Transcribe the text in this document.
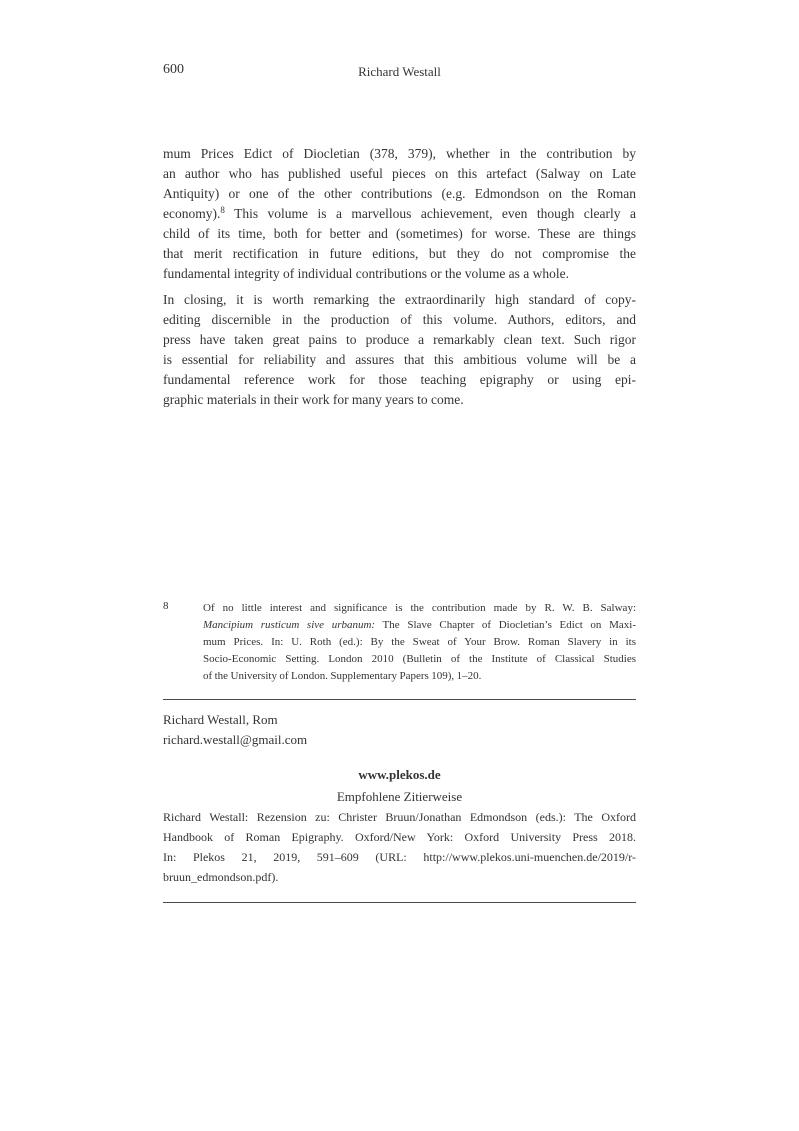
600	Richard Westall
mum Prices Edict of Diocletian (378, 379), whether in the contribution by
an author who has published useful pieces on this artefact (Salway on Late
Antiquity) or one of the other contributions (e.g. Edmondson on the Roman
economy).$^8$ This volume is a marvellous achievement, even though clearly a
child of its time, both for better and (sometimes) for worse. These are things
that merit rectification in future editions, but they do not compromise the
fundamental integrity of individual contributions or the volume as a whole.
In closing, it is worth remarking the extraordinarily high standard of copy-
editing discernible in the production of this volume. Authors, editors, and
press have taken great pains to produce a remarkably clean text. Such rigor
is essential for reliability and assures that this ambitious volume will be a
fundamental reference work for those teaching epigraphy or using epi-
graphic materials in their work for many years to come.
8	Of no little interest and significance is the contribution made by R. W. B. Salway:
Mancipium rusticum sive urbanum: The Slave Chapter of Diocletian’s Edict on Maxi-
mum Prices. In: U. Roth (ed.): By the Sweat of Your Brow. Roman Slavery in its
Socio-Economic Setting. London 2010 (Bulletin of the Institute of Classical Studies
of the University of London. Supplementary Papers 109), 1–20.
Richard Westall, Rom
richard.westall@gmail.com
www.plekos.de
Empfohlene Zitierweise
Richard Westall: Rezension zu: Christer Bruun/Jonathan Edmondson (eds.): The Oxford
Handbook of Roman Epigraphy. Oxford/New York: Oxford University Press 2018.
In: Plekos 21, 2019, 591–609 (URL: http://www.plekos.uni-muenchen.de/2019/r-
bruun_edmondson.pdf).
